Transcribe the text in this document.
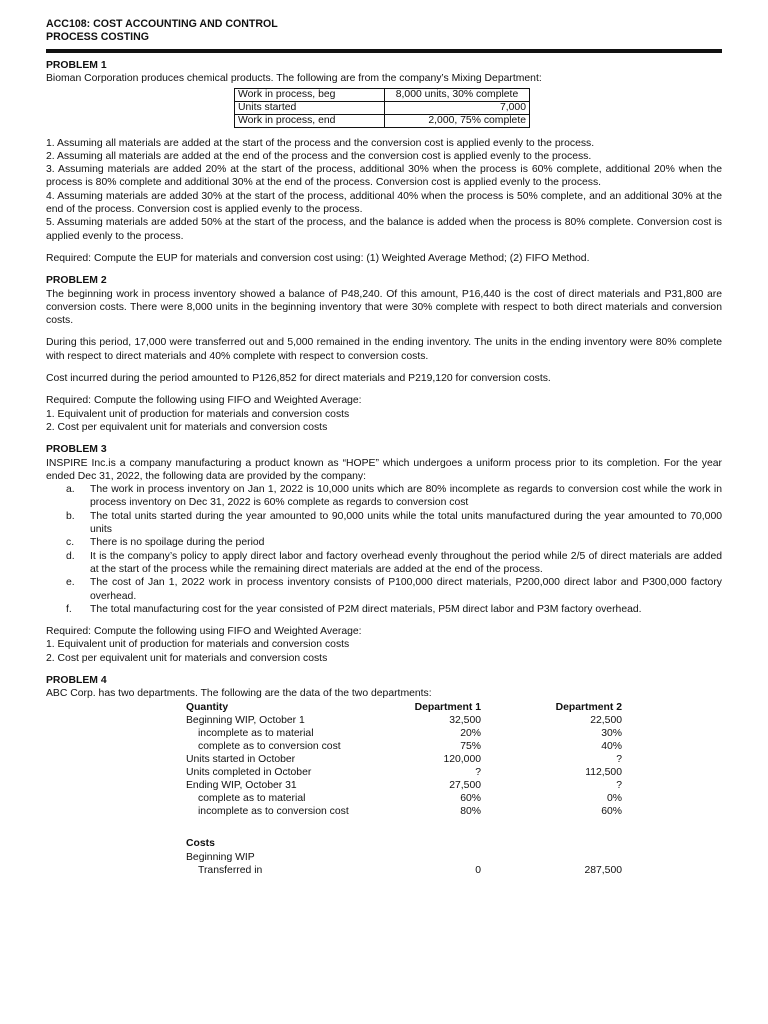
ACC108: COST ACCOUNTING AND CONTROL
PROCESS COSTING
PROBLEM 1

Bioman Corporation produces chemical products. The following are from the company’s Mixing Department:

Work in process, beg	8,000 units, 30% complete
Units started	7,000
Work in process, end	2,000, 75% complete
1. Assuming all materials are added at the start of the process and the conversion cost is applied evenly to the process.
2. Assuming all materials are added at the end of the process and the conversion cost is applied evenly to the process.
3. Assuming materials are added 20% at the start of the process, additional 30% when the process is 60% complete, additional 20% when the process is 80% complete and additional 30% at the end of the process. Conversion cost is applied evenly to the process.
4. Assuming materials are added 30% at the start of the process, additional 40% when the process is 50% complete, and an additional 30% at the end of the process. Conversion cost is applied evenly to the process.
5. Assuming materials are added 50% at the start of the process, and the balance is added when the process is 80% complete. Conversion cost is applied evenly to the process.

Required: Compute the EUP for materials and conversion cost using: (1) Weighted Average Method; (2) FIFO Method.

PROBLEM 2

The beginning work in process inventory showed a balance of P48,240. Of this amount, P16,440 is the cost of direct materials and P31,800 are conversion costs. There were 8,000 units in the beginning inventory that were 30% complete with respect to both direct materials and conversion costs.

During this period, 17,000 were transferred out and 5,000 remained in the ending inventory. The units in the ending inventory were 80% complete with respect to direct materials and 40% complete with respect to conversion costs.

Cost incurred during the period amounted to P126,852 for direct materials and P219,120 for conversion costs.

Required: Compute the following using FIFO and Weighted Average:

1. Equivalent unit of production for materials and conversion costs

2. Cost per equivalent unit for materials and conversion costs

PROBLEM 3

INSPIRE Inc.is a company manufacturing a product known as “HOPE” which undergoes a uniform process prior to its completion. For the year ended Dec 31, 2022, the following data are provided by the company:

a. The work in process inventory on Jan 1, 2022 is 10,000 units which are 80% incomplete as regards to conversion cost while the work in process inventory on Dec 31, 2022 is 60% complete as regards to conversion cost
b. The total units started during the year amounted to 90,000 units while the total units manufactured during the year amounted to 70,000 units
c. There is no spoilage during the period
d. It is the company’s policy to apply direct labor and factory overhead evenly throughout the period while 2/5 of direct materials are added at the start of the process while the remaining direct materials are added at the end of the process.
e. The cost of Jan 1, 2022 work in process inventory consists of P100,000 direct materials, P200,000 direct labor and P300,000 factory overhead.
f. The total manufacturing cost for the year consisted of P2M direct materials, P5M direct labor and P3M factory overhead.

Required: Compute the following using FIFO and Weighted Average:

1. Equivalent unit of production for materials and conversion costs

2. Cost per equivalent unit for materials and conversion costs

PROBLEM 4

ABC Corp. has two departments. The following are the data of the two departments:

Quantity	Department 1	Department 2
Beginning WIP, October 1	32,500	22,500
incomplete as to material	20%	30%
complete as to conversion cost	75%	40%
Units started in October	120,000	?
Units completed in October	?	112,500
Ending WIP, October 31	27,500	?
complete as to material	60%	0%
incomplete as to conversion cost	80%	60%
Costs
Beginning WIP
Transferred in	0	287,500
